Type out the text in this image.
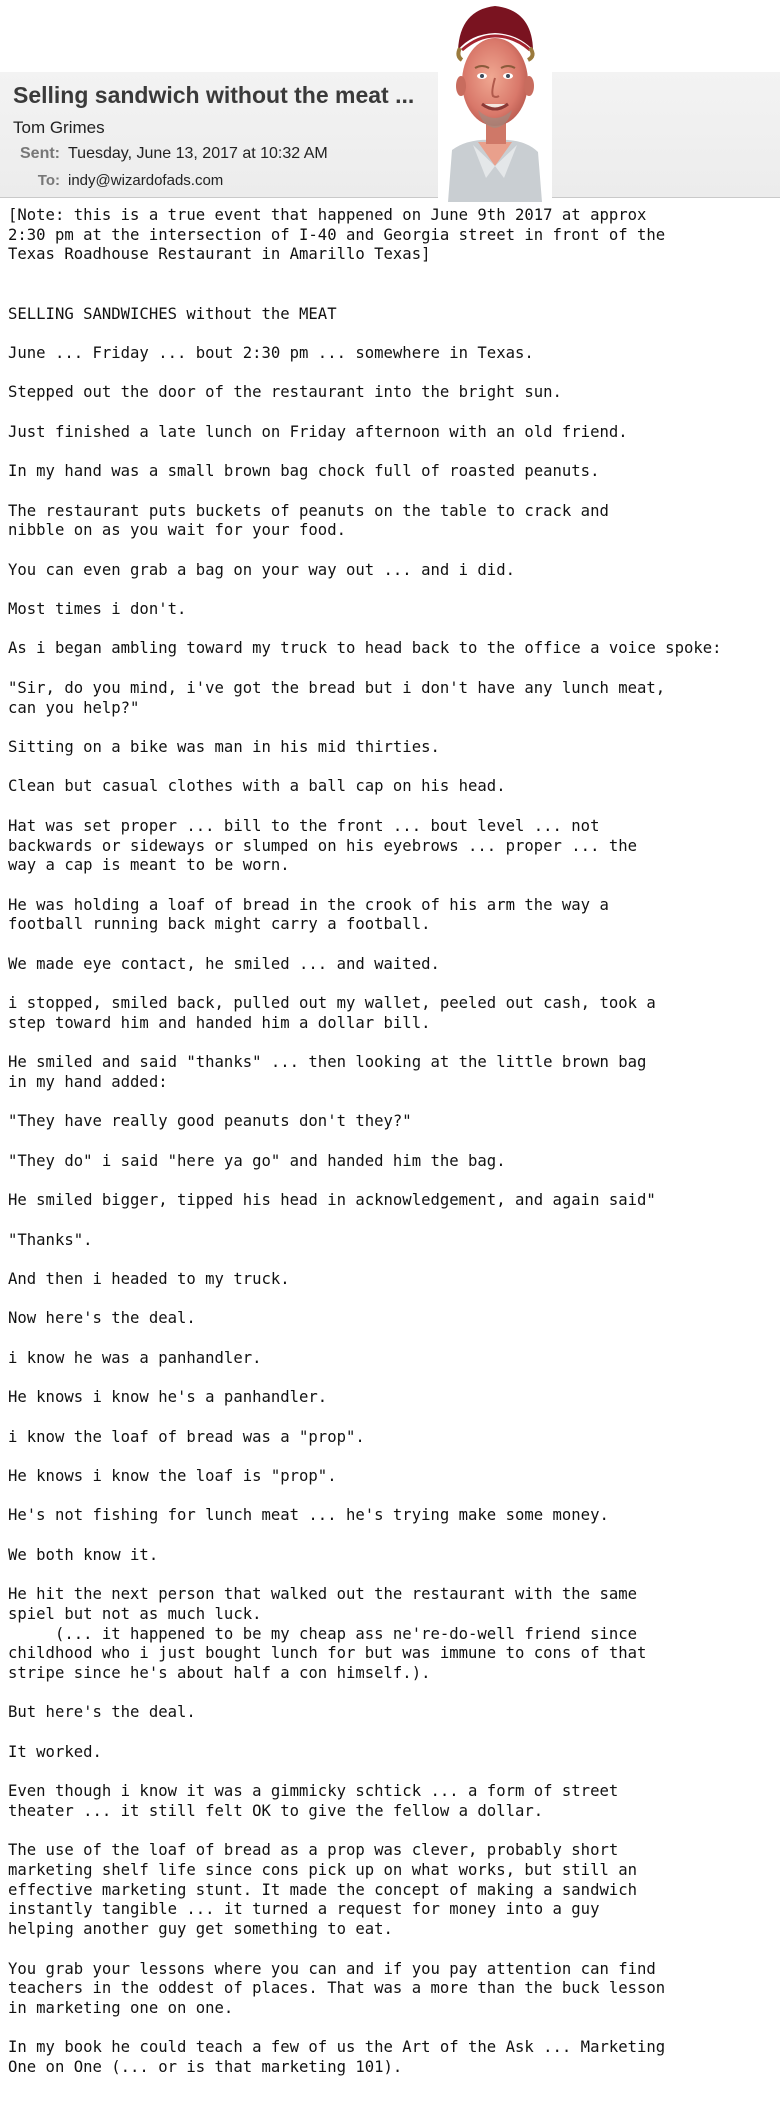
Selling sandwich without the meat ...
Tom Grimes
Sent: Tuesday, June 13, 2017 at 10:32 AM
To: indy@wizardofads.com
[Note: this is a true event that happened on June 9th 2017 at approx
2:30 pm at the intersection of I-40 and Georgia street in front of the
Texas Roadhouse Restaurant in Amarillo Texas]

SELLING SANDWICHES without the MEAT

June ... Friday ... bout 2:30 pm ... somewhere in Texas.

Stepped out the door of the restaurant into the bright sun.

Just finished a late lunch on Friday afternoon with an old friend.

In my hand was a small brown bag chock full of roasted peanuts.

The restaurant puts buckets of peanuts on the table to crack and
nibble on as you wait for your food.

You can even grab a bag on your way out ... and i did.

Most times i don't.

As i began ambling toward my truck to head back to the office a voice spoke:

"Sir, do you mind, i've got the bread but i don't have any lunch meat,
can you help?"

Sitting on a bike was man in his mid thirties.

Clean but casual clothes with a ball cap on his head.

Hat was set proper ... bill to the front ... bout level ... not
backwards or sideways or slumped on his eyebrows ... proper ... the
way a cap is meant to be worn.

He was holding a loaf of bread in the crook of his arm the way a
football running back might carry a football.

We made eye contact, he smiled ... and waited.

i stopped, smiled back, pulled out my wallet, peeled out cash, took a
step toward him and handed him a dollar bill.

He smiled and said "thanks" ... then looking at the little brown bag
in my hand added:

"They have really good peanuts don't they?"

"They do" i said "here ya go" and handed him the bag.

He smiled bigger, tipped his head in acknowledgement, and again said"

"Thanks".

And then i headed to my truck.

Now here's the deal.

i know he was a panhandler.

He knows i know he's a panhandler.

i know the loaf of bread was a "prop".

He knows i know the loaf is "prop".

He's not fishing for lunch meat ... he's trying make some money.

We both know it.

He hit the next person that walked out the restaurant with the same
spiel but not as much luck.
(... it happened to be my cheap ass ne're-do-well friend since
childhood who i just bought lunch for but was immune to cons of that
stripe since he's about half a con himself.).

But here's the deal.

It worked.

Even though i know it was a gimmicky schtick ... a form of street
theater ... it still felt OK to give the fellow a dollar.

The use of the loaf of bread as a prop was clever, probably short
marketing shelf life since cons pick up on what works, but still an
effective marketing stunt. It made the concept of making a sandwich
instantly tangible ... it turned a request for money into a guy
helping another guy get something to eat.

You grab your lessons where you can and if you pay attention can find
teachers in the oddest of places. That was a more than the buck lesson
in marketing one on one.

In my book he could teach a few of us the Art of the Ask ... Marketing
One on One (... or is that marketing 101).
